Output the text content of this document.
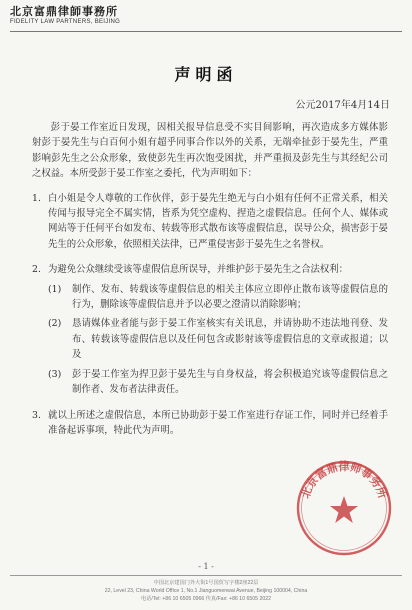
北京富鼎律師事務所
FIDELITY LAW PARTNERS, BEIJING
声明函
公元2017年4月14日

彭于晏工作室近日发现，因相关报导信息受不实目间影响，再次造成多方媒体影射彭于晏先生与白百何小姐有超乎同事合作以外的关系，无端牵扯彭于晏先生，严重影响彭先生之公众形象，致使彭先生再次饱受困扰，并严重损及彭先生与其经纪公司之权益。本所受彭于晏工作室之委托，代为声明如下：

1. 白小姐是令人尊敬的工作伙伴，彭于晏先生绝无与白小姐有任何不正常关系，相关传闻与报导完全不属实情，皆系为凭空虚构、捏造之虚假信息。任何个人、媒体或网站等于任何平台如发布、转载等形式散布该等虚假信息，误导公众，损害彭于晏先生的公众形象，依照相关法律，已严重侵害彭于晏先生之名誉权。
2. 为避免公众继续受该等虚假信息所误导，并维护彭于晏先生之合法权利：
(1) 制作、发布、转载该等虚假信息的相关主体应立即停止散布该等虚假信息的行为，删除该等虚假信息并予以必要之澄清以消除影响；
(2) 恳请媒体业者能与彭于晏工作室核实有关讯息，并请协助不违法地刊登、发布、转载该等虚假信息以及任何包含或影射该等虚假信息的文章或报道；以及
(3) 彭于晏工作室为捍卫彭于晏先生与自身权益，将会积极追究该等虚假信息之制作者、发布者法律责任。
3. 就以上所述之虚假信息，本所已协助彭于晏工作室进行存证工作，同时并已经着手准备起诉事项，特此代为声明。
北京富鼎律师事务所
- 1 -
中国北京建国门外大街1号国贸写字楼2座22层
22, Level 23, China World Office 1, No.1 Jianguomenwai Avenue, Beijing 100004, China
电话/Tel: +86 10 6505 0966 传真/Fax: +86 10 6505 2022
